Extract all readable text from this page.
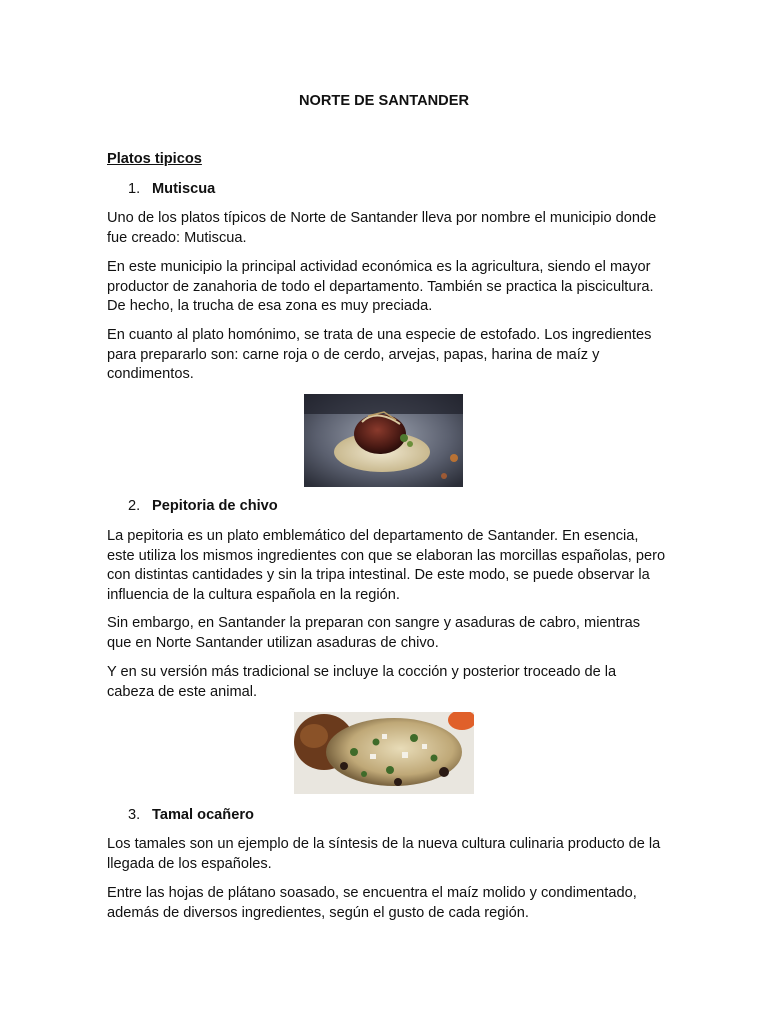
NORTE DE SANTANDER

Platos tipicos

1. Mutiscua

Uno de los platos típicos de Norte de Santander lleva por nombre el municipio donde fue creado: Mutiscua.

En este municipio la principal actividad económica es la agricultura, siendo el mayor productor de zanahoria de todo el departamento. También se practica la piscicultura. De hecho, la trucha de esa zona es muy preciada.

En cuanto al plato homónimo, se trata de una especie de estofado. Los ingredientes para prepararlo son: carne roja o de cerdo, arvejas, papas, harina de maíz y condimentos.

2. Pepitoria de chivo

La pepitoria es un plato emblemático del departamento de Santander. En esencia, este utiliza los mismos ingredientes con que se elaboran las morcillas españolas, pero con distintas cantidades y sin la tripa intestinal. De este modo, se puede observar la influencia de la cultura española en la región.

Sin embargo, en Santander la preparan con sangre y asaduras de cabro, mientras que en Norte Santander utilizan asaduras de chivo.

Y en su versión más tradicional se incluye la cocción y posterior troceado de la cabeza de este animal.

3. Tamal ocañero

Los tamales son un ejemplo de la síntesis de la nueva cultura culinaria producto de la llegada de los españoles.

Entre las hojas de plátano soasado, se encuentra el maíz molido y condimentado, además de diversos ingredientes, según el gusto de cada región.
